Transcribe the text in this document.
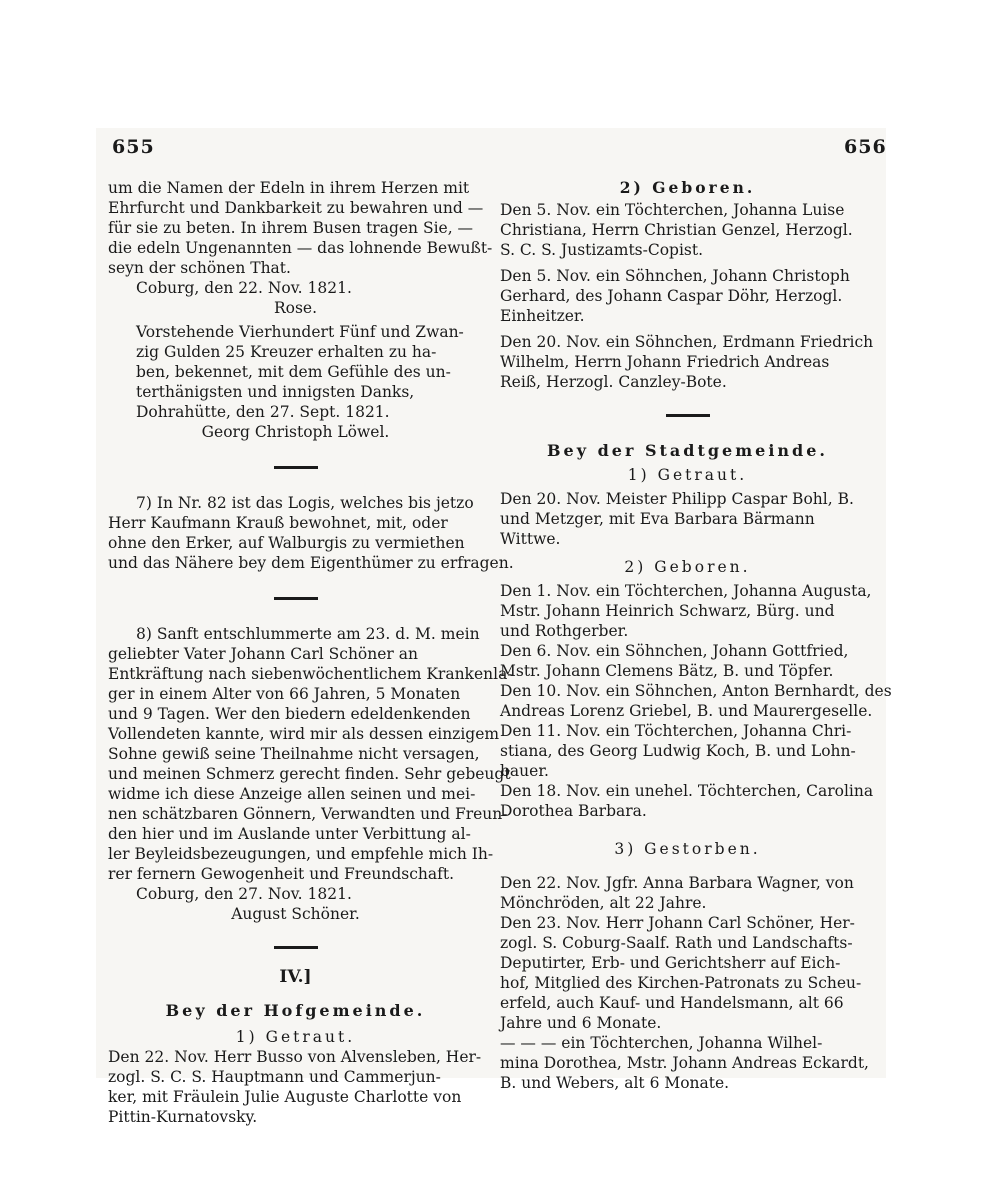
655	656
um die Namen der Edeln in ihrem Herzen mit
Ehrfurcht und Dankbarkeit zu bewahren und —
für sie zu beten. In ihrem Busen tragen Sie, —
die edeln Ungenannten — das lohnende Bewußt-
seyn der schönen That.
Coburg, den 22. Nov. 1821.
Rose.
Vorstehende Vierhundert Fünf und Zwan-
zig Gulden 25 Kreuzer erhalten zu ha-
ben, bekennet, mit dem Gefühle des un-
terthänigsten und innigsten Danks,
Dohrahütte, den 27. Sept. 1821.
Georg Christoph Löwel.
7) In Nr. 82 ist das Logis, welches bis jetzo
Herr Kaufmann Krauß bewohnet, mit, oder
ohne den Erker, auf Walburgis zu vermiethen
und das Nähere bey dem Eigenthümer zu erfragen.
8) Sanft entschlummerte am 23. d. M. mein
geliebter Vater Johann Carl Schöner an
Entkräftung nach siebenwöchentlichem Krankenla-
ger in einem Alter von 66 Jahren, 5 Monaten
und 9 Tagen. Wer den biedern edeldenkenden
Vollendeten kannte, wird mir als dessen einzigem
Sohne gewiß seine Theilnahme nicht versagen,
und meinen Schmerz gerecht finden. Sehr gebeugt
widme ich diese Anzeige allen seinen und mei-
nen schätzbaren Gönnern, Verwandten und Freun-
den hier und im Auslande unter Verbittung al-
ler Beyleidsbezeugungen, und empfehle mich Ih-
rer fernern Gewogenheit und Freundschaft.
Coburg, den 27. Nov. 1821.
August Schöner.
IV.]
Bey der Hofgemeinde.
1) Getraut.
Den 22. Nov. Herr Busso von Alvensleben, Her-
zogl. S. C. S. Hauptmann und Cammerjun-
ker, mit Fräulein Julie Auguste Charlotte von
Pittin-Kurnatovsky.
2) Geboren.
Den 5. Nov. ein Töchterchen, Johanna Luise
Christiana, Herrn Christian Genzel, Herzogl.
S. C. S. Justizamts-Copist.
Den 5. Nov. ein Söhnchen, Johann Christoph
Gerhard, des Johann Caspar Döhr, Herzogl.
Einheitzer.
Den 20. Nov. ein Söhnchen, Erdmann Friedrich
Wilhelm, Herrn Johann Friedrich Andreas
Reiß, Herzogl. Canzley-Bote.
Bey der Stadtgemeinde.
1) Getraut.
Den 20. Nov. Meister Philipp Caspar Bohl, B.
und Metzger, mit Eva Barbara Bärmann
Wittwe.
2) Geboren.
Den 1. Nov. ein Töchterchen, Johanna Augusta,
Mstr. Johann Heinrich Schwarz, Bürg. und
und Rothgerber.
Den 6. Nov. ein Söhnchen, Johann Gottfried,
Mstr. Johann Clemens Bätz, B. und Töpfer.
Den 10. Nov. ein Söhnchen, Anton Bernhardt, des
Andreas Lorenz Griebel, B. und Maurergeselle.
Den 11. Nov. ein Töchterchen, Johanna Chri-
stiana, des Georg Ludwig Koch, B. und Lohn-
bauer.
Den 18. Nov. ein unehel. Töchterchen, Carolina
Dorothea Barbara.
3) Gestorben.
Den 22. Nov. Jgfr. Anna Barbara Wagner, von
Mönchröden, alt 22 Jahre.
Den 23. Nov. Herr Johann Carl Schöner, Her-
zogl. S. Coburg-Saalf. Rath und Landschafts-
Deputirter, Erb- und Gerichtsherr auf Eich-
hof, Mitglied des Kirchen-Patronats zu Scheu-
erfeld, auch Kauf- und Handelsmann, alt 66
Jahre und 6 Monate.
— — — ein Töchterchen, Johanna Wilhel-
mina Dorothea, Mstr. Johann Andreas Eckardt,
B. und Webers, alt 6 Monate.
